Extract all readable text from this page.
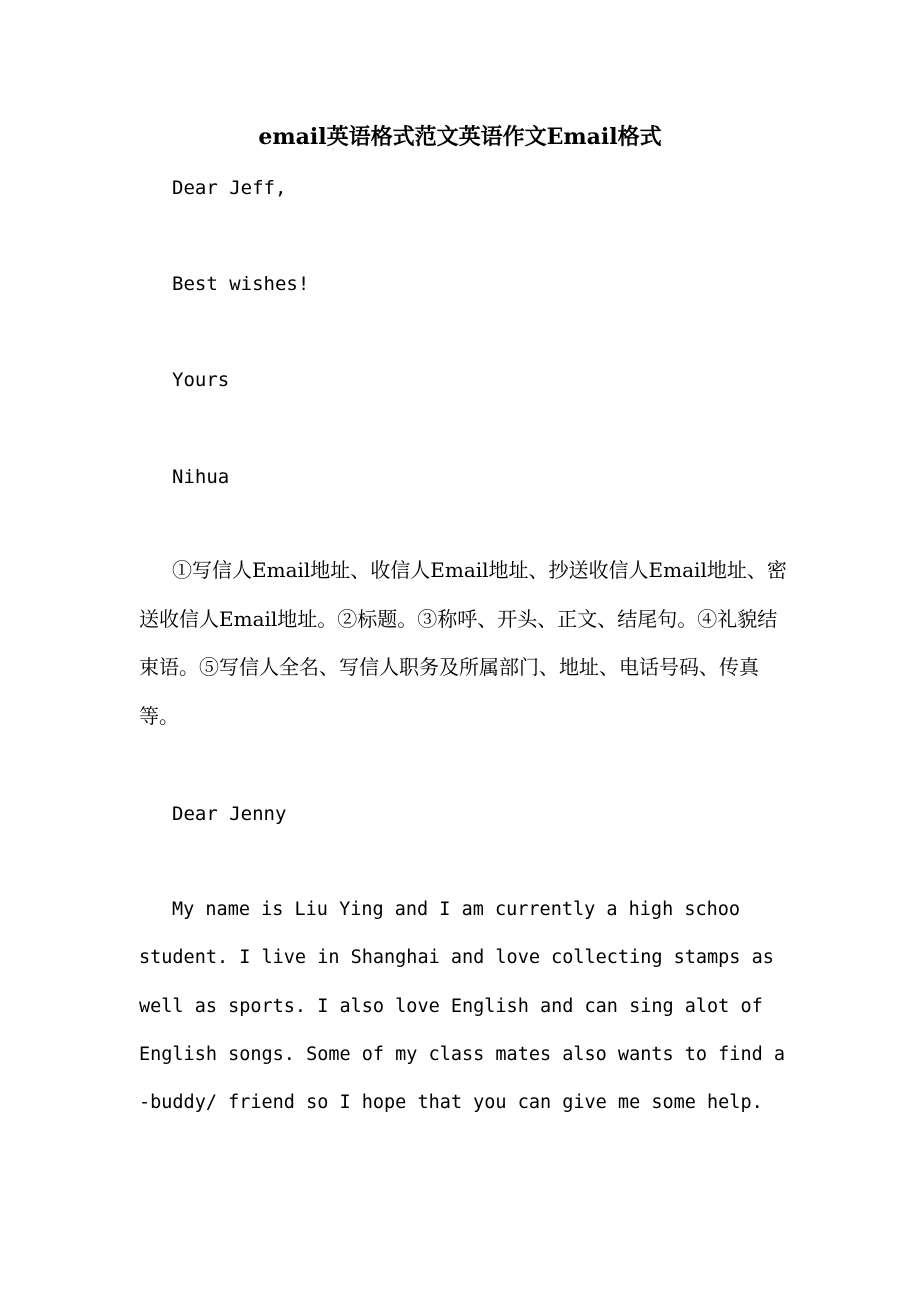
email英语格式范文英语作文Email格式
Dear Jeff,
Best wishes!
Yours
Nihua
①写信人Email地址、收信人Email地址、抄送收信人Email地址、密送收信人Email地址。②标题。③称呼、开头、正文、结尾句。④礼貌结束语。⑤写信人全名、写信人职务及所属部门、地址、电话号码、传真等。
Dear Jenny
My name is Liu Ying and I am currently a high schoo student. I live in Shanghai and love collecting stamps as well as sports. I also love English and can sing alot of English songs. Some of my class mates also wants to find a -buddy/ friend so I hope that you can give me some help.
